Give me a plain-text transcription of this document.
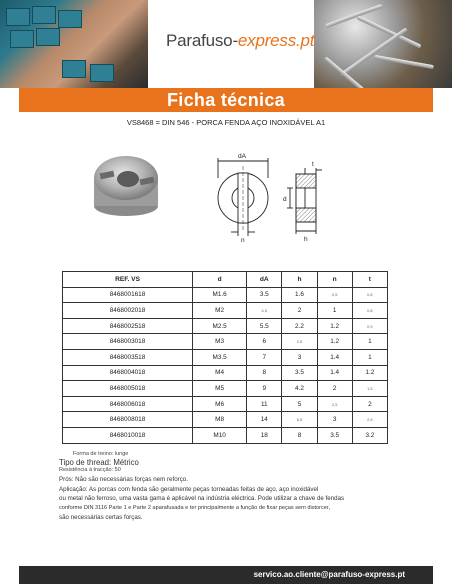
Parafuso-express.pt
Ficha técnica
VS8468 = DIN 546 - PORCA FENDA AÇO INOXIDÁVEL A1
dA
n
t
d
h
REF. VS	d	dA	h	n	t
8468001618	M1.6	3.5	1.6	0,5	0,6
8468002018	M2	4,5	2	1	0,8
8468002518	M2.5	5.5	2.2	1.2	0,9
8468003018	M3	6	2,5	1.2	1
8468003518	M3.5	7	3	1.4	1
8468004018	M4	8	3.5	1.4	1.2
8468005018	M5	9	4.2	2	1,5
8468006018	M6	11	5	2,5	2
8468008018	M8	14	6,5	3	2,5
8468010018	M10	18	8	3.5	3.2
Forma de treino: lunge
Tipo de thread: Métrico
Resistência à tracção: 50
Prós: Não são necessárias forças nem reforço.
Aplicação: As porcas com fenda são geralmente peças torneadas feitas de aço, aço inoxidável
ou metal não ferroso, uma vasta gama é aplicável na indústria eléctrica. Pode utilizar a chave de fendas
conforme DIN 3116 Parte 1 e Parte 2 aparafusada e ter principalmente a função de fixar peças sem distorcer,
são necessárias certas forças.
servico.ao.cliente@parafuso-express.pt
